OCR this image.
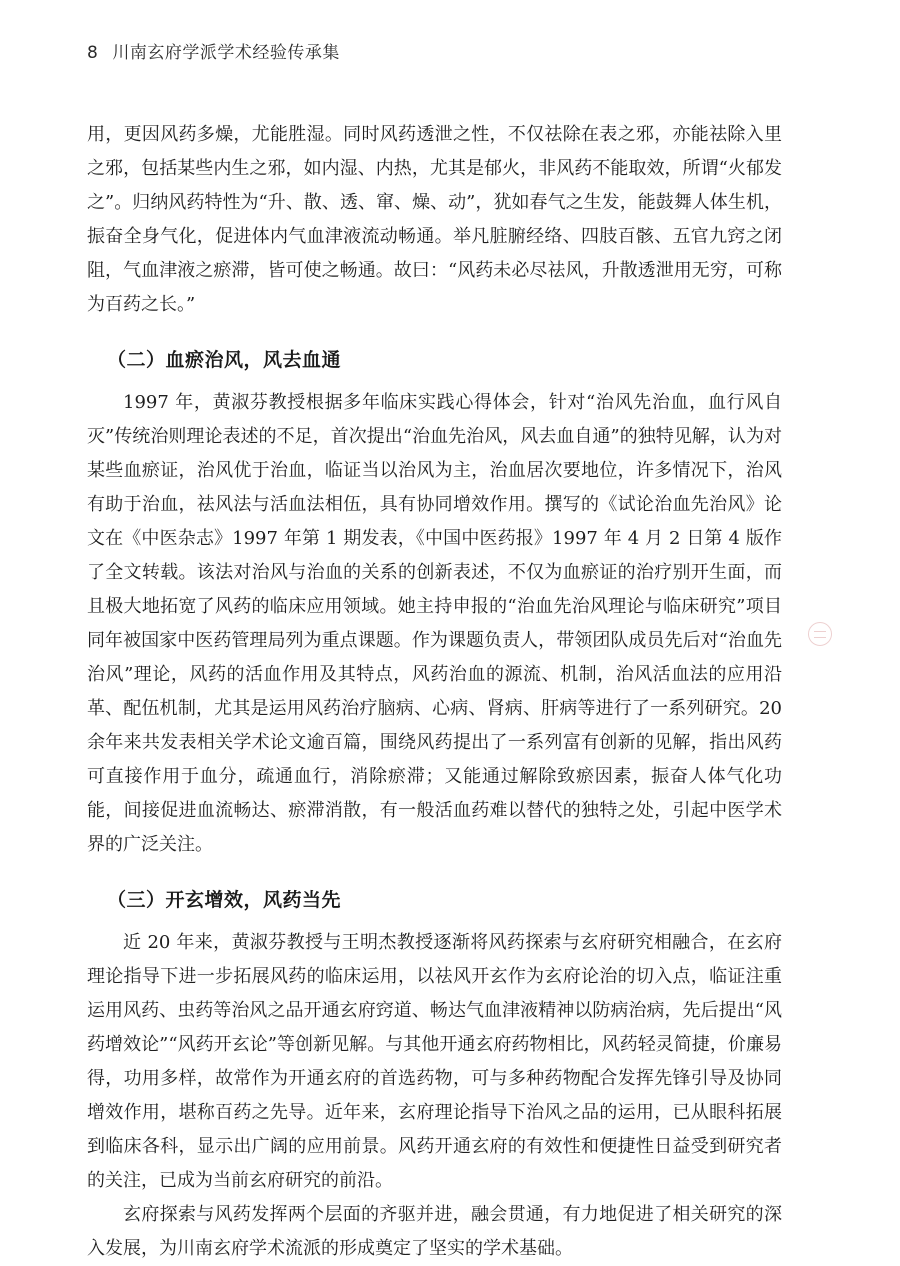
8 川南玄府学派学术经验传承集

用，更因风药多燥，尤能胜湿。同时风药透泄之性，不仅祛除在表之邪，亦能祛除入里之邪，包括某些内生之邪，如内湿、内热，尤其是郁火，非风药不能取效，所谓“火郁发之”。归纳风药特性为“升、散、透、窜、燥、动”，犹如春气之生发，能鼓舞人体生机，振奋全身气化，促进体内气血津液流动畅通。举凡脏腑经络、四肢百骸、五官九窍之闭阻，气血津液之瘀滞，皆可使之畅通。故曰：“风药未必尽祛风，升散透泄用无穷，可称为百药之长。”

（二）血瘀治风，风去血通

1997 年，黄淑芬教授根据多年临床实践心得体会，针对“治风先治血，血行风自灭”传统治则理论表述的不足，首次提出“治血先治风，风去血自通”的独特见解，认为对某些血瘀证，治风优于治血，临证当以治风为主，治血居次要地位，许多情况下，治风有助于治血，祛风法与活血法相伍，具有协同增效作用。撰写的《试论治血先治风》论文在《中医杂志》1997 年第 1 期发表，《中国中医药报》1997 年 4 月 2 日第 4 版作了全文转载。该法对治风与治血的关系的创新表述，不仅为血瘀证的治疗别开生面，而且极大地拓宽了风药的临床应用领域。她主持申报的“治血先治风理论与临床研究”项目同年被国家中医药管理局列为重点课题。作为课题负责人，带领团队成员先后对“治血先治风”理论，风药的活血作用及其特点，风药治血的源流、机制，治风活血法的应用沿革、配伍机制，尤其是运用风药治疗脑病、心病、肾病、肝病等进行了一系列研究。20 余年来共发表相关学术论文逾百篇，围绕风药提出了一系列富有创新的见解，指出风药可直接作用于血分，疏通血行，消除瘀滞；又能通过解除致瘀因素，振奋人体气化功能，间接促进血流畅达、瘀滞消散，有一般活血药难以替代的独特之处，引起中医学术界的广泛关注。

（三）开玄增效，风药当先

近 20 年来，黄淑芬教授与王明杰教授逐渐将风药探索与玄府研究相融合，在玄府理论指导下进一步拓展风药的临床运用，以祛风开玄作为玄府论治的切入点，临证注重运用风药、虫药等治风之品开通玄府窍道、畅达气血津液精神以防病治病，先后提出“风药增效论”“风药开玄论”等创新见解。与其他开通玄府药物相比，风药轻灵简捷，价廉易得，功用多样，故常作为开通玄府的首选药物，可与多种药物配合发挥先锋引导及协同增效作用，堪称百药之先导。近年来，玄府理论指导下治风之品的运用，已从眼科拓展到临床各科，显示出广阔的应用前景。风药开通玄府的有效性和便捷性日益受到研究者的关注，已成为当前玄府研究的前沿。

玄府探索与风药发挥两个层面的齐驱并进，融会贯通，有力地促进了相关研究的深入发展，为川南玄府学术流派的形成奠定了坚实的学术基础。
